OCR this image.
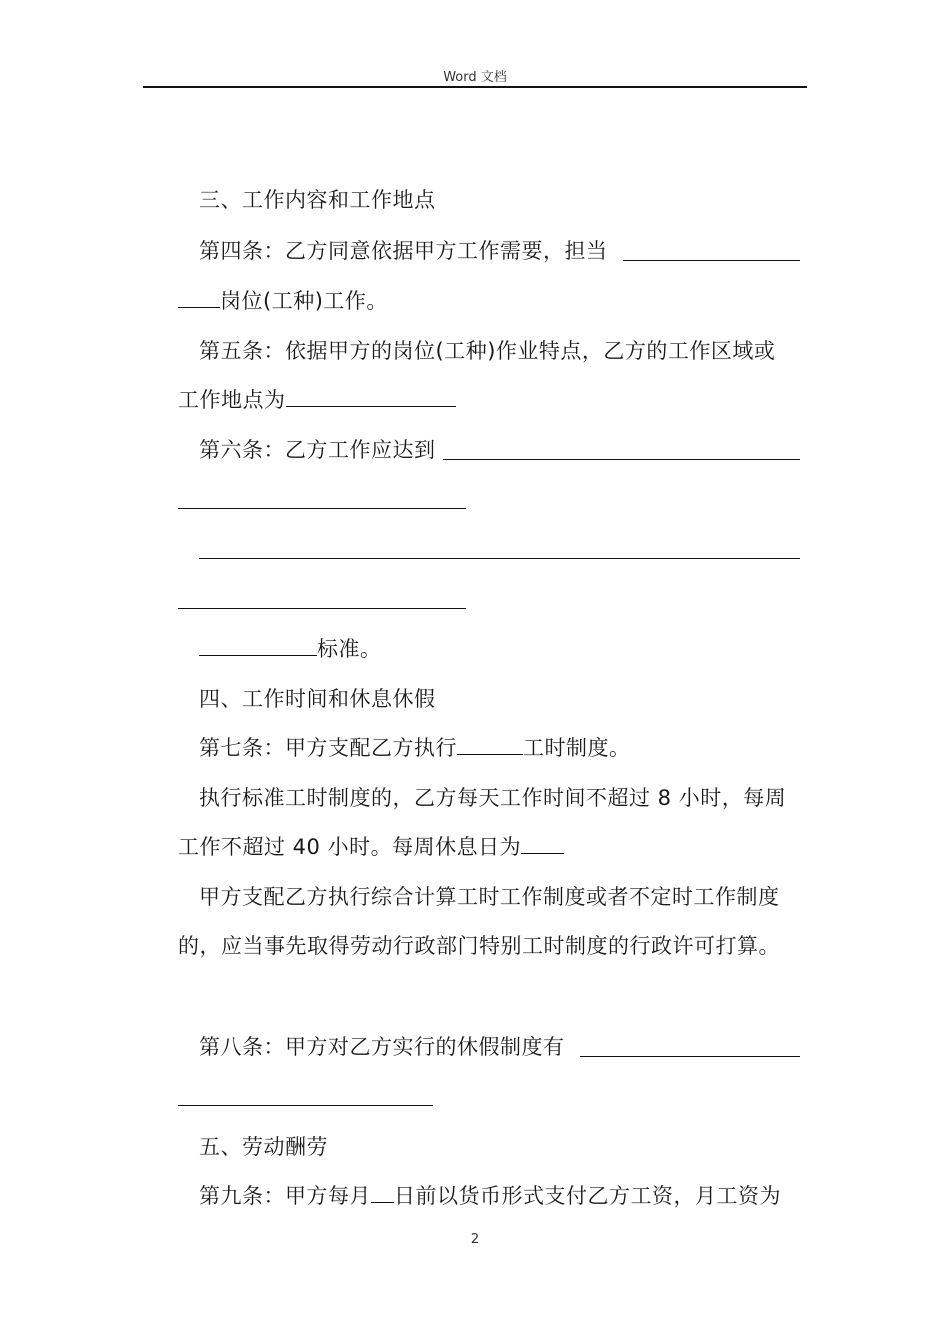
Word 文档
三、工作内容和工作地点
第四条：乙方同意依据甲方工作需要，担当
岗位(工种)工作。
第五条：依据甲方的岗位(工种)作业特点，乙方的工作区域或
工作地点为
第六条：乙方工作应达到
标准。
四、工作时间和休息休假
第七条：甲方支配乙方执行	工时制度。
执行标准工时制度的，乙方每天工作时间不超过 8 小时，每周
工作不超过 40 小时。每周休息日为
甲方支配乙方执行综合计算工时工作制度或者不定时工作制度
的，应当事先取得劳动行政部门特别工时制度的行政许可打算。
第八条：甲方对乙方实行的休假制度有
五、劳动酬劳
第九条：甲方每月 日前以货币形式支付乙方工资，月工资为
2
